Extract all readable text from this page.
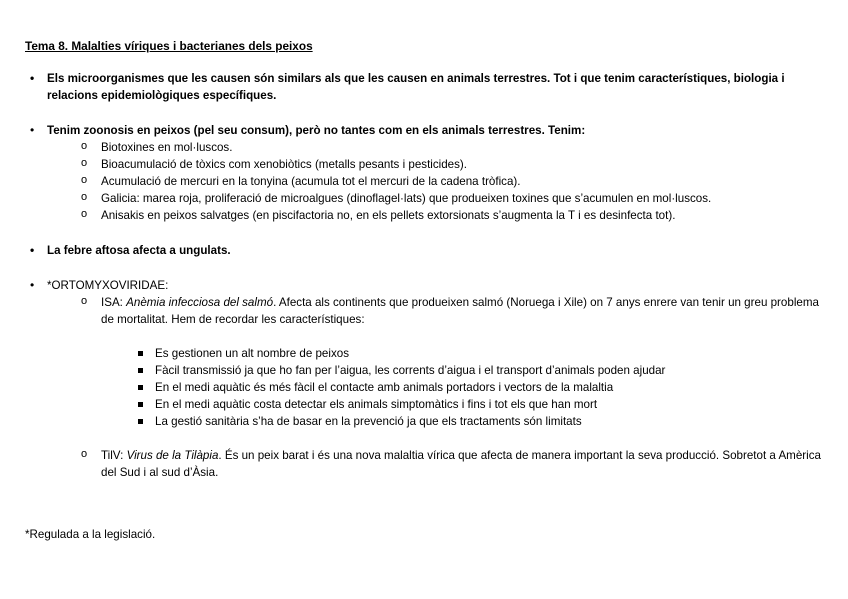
Tema 8. Malalties víriques i bacterianes dels peixos
• Els microorganismes que les causen són similars als que les causen en animals terrestres. Tot i que tenim característiques, biologia i relacions epidemiològiques específiques.
• Tenim zoonosis en peixos (pel seu consum), però no tantes com en els animals terrestres. Tenim:
o Biotoxines en mol·luscos.
o Bioacumulació de tòxics com xenobiòtics (metalls pesants i pesticides).
o Acumulació de mercuri en la tonyina (acumula tot el mercuri de la cadena tròfica).
o Galicia: marea roja, proliferació de microalgues (dinoflagel·lats) que produeixen toxines que s’acumulen en mol·luscos.
o Anisakis en peixos salvatges (en piscifactoria no, en els pellets extorsionats s’augmenta la T i es desinfecta tot).
• La febre aftosa afecta a ungulats.
• *ORTOMYXOVIRIDAE:
o ISA: Anèmia infecciosa del salmó. Afecta als continents que produeixen salmó (Noruega i Xile) on 7 anys enrere van tenir un greu problema de mortalitat. Hem de recordar les característiques:
Es gestionen un alt nombre de peixos
Fàcil transmissió ja que ho fan per l’aigua, les corrents d’aigua i el transport d’animals poden ajudar
En el medi aquàtic és més fàcil el contacte amb animals portadors i vectors de la malaltia
En el medi aquàtic costa detectar els animals simptomàtics i fins i tot els que han mort
La gestió sanitària s’ha de basar en la prevenció ja que els tractaments són limitats
o TilV: Virus de la Tilàpia. És un peix barat i és una nova malaltia vírica que afecta de manera important la seva producció. Sobretot a Amèrica del Sud i al sud d’Àsia.
*Regulada a la legislació.
